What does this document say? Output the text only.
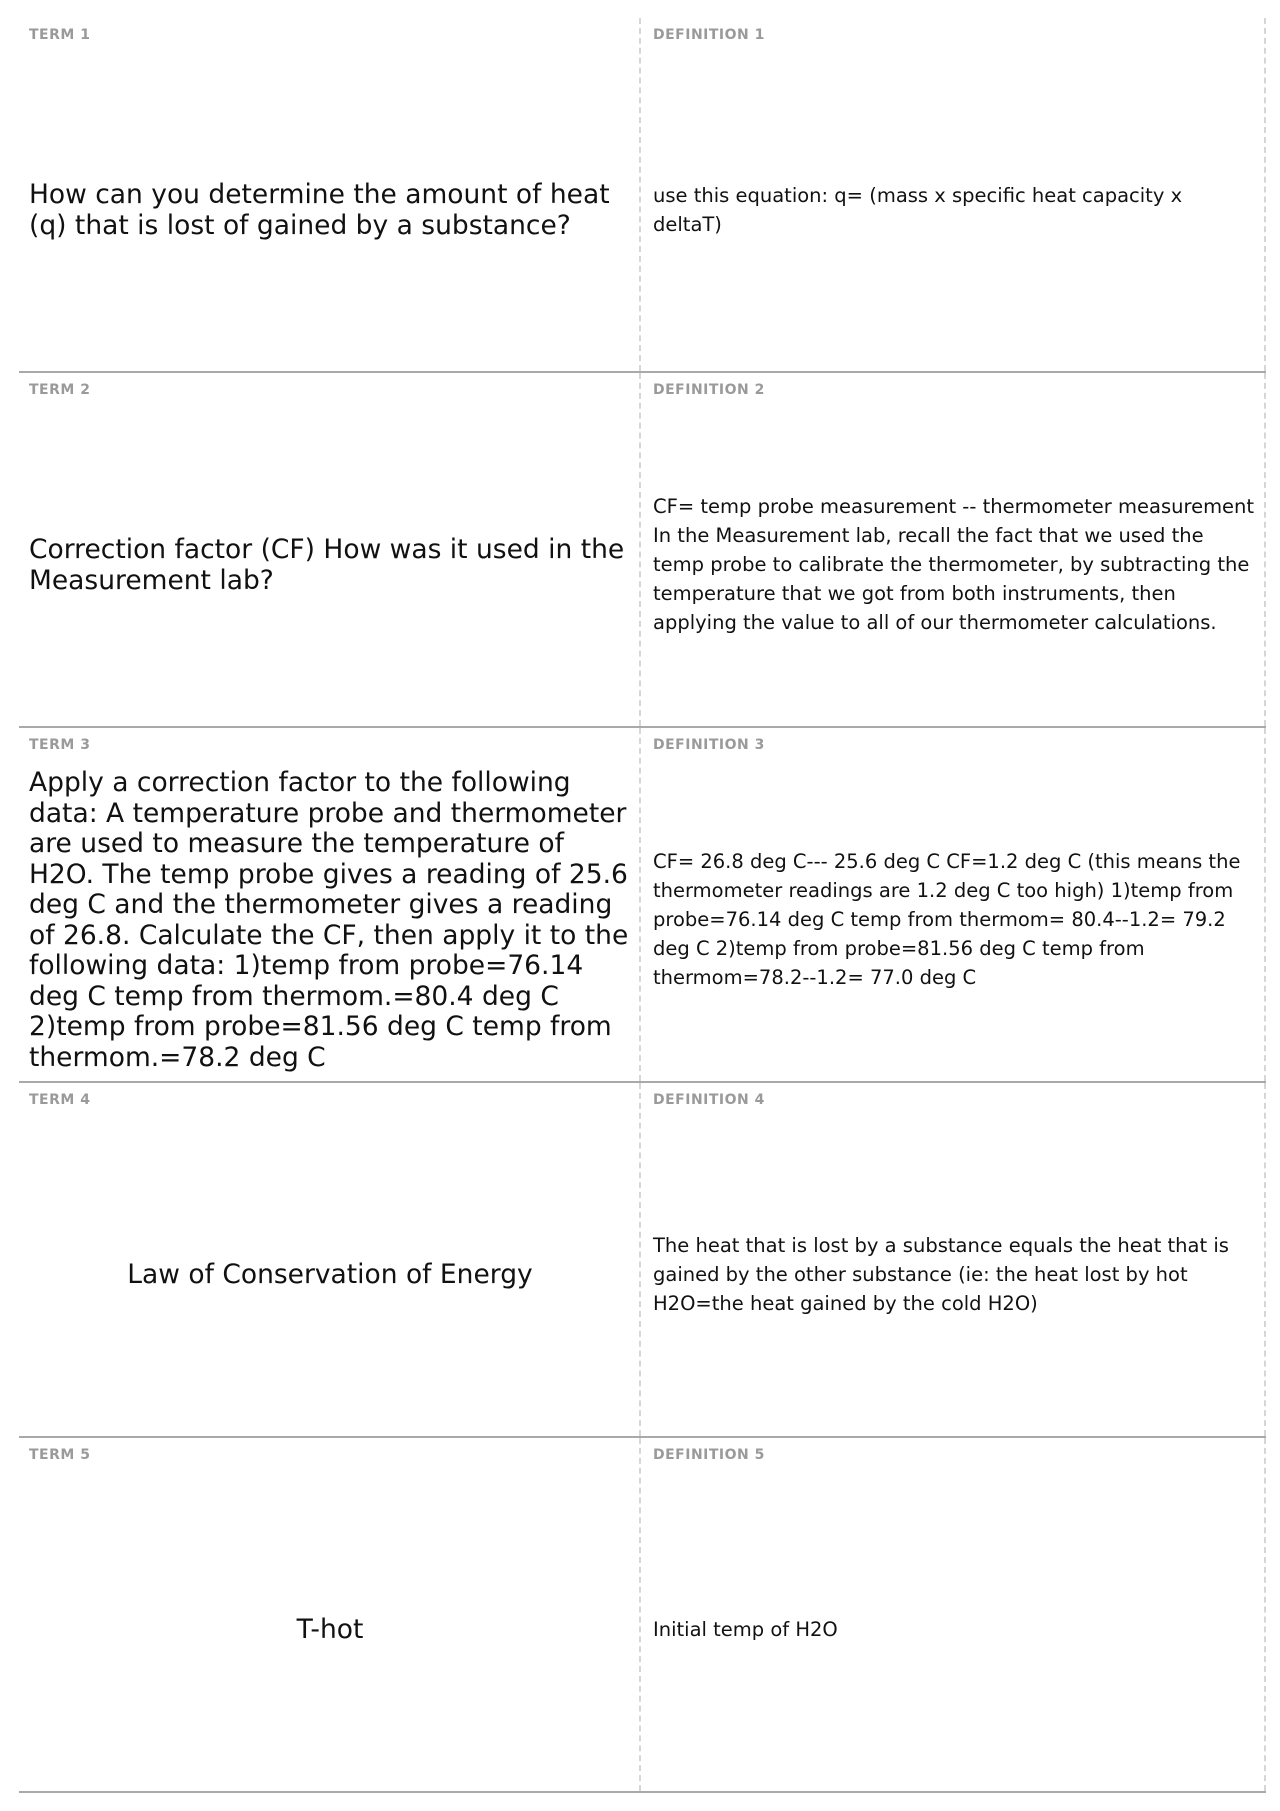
TERM 1
How can you determine the amount of heat (q) that is lost of gained by a substance?
DEFINITION 1
use this equation: q= (mass x specific heat capacity x deltaT)
TERM 2
Correction factor (CF) How was it used in the Measurement lab?
DEFINITION 2
CF= temp probe measurement -- thermometer measurement In the Measurement lab, recall the fact that we used the temp probe to calibrate the thermometer, by subtracting the temperature that we got from both instruments, then applying the value to all of our thermometer calculations.
TERM 3
Apply a correction factor to the following data: A temperature probe and thermometer are used to measure the temperature of H2O. The temp probe gives a reading of 25.6 deg C and the thermometer gives a reading of 26.8. Calculate the CF, then apply it to the following data: 1)temp from probe=76.14 deg C temp from thermom.=80.4 deg C 2)temp from probe=81.56 deg C temp from thermom.=78.2 deg C
DEFINITION 3
CF= 26.8 deg C--- 25.6 deg C CF=1.2 deg C (this means the thermometer readings are 1.2 deg C too high) 1)temp from probe=76.14 deg C temp from thermom= 80.4--1.2= 79.2 deg C 2)temp from probe=81.56 deg C temp from thermom=78.2--1.2= 77.0 deg C
TERM 4
Law of Conservation of Energy
DEFINITION 4
The heat that is lost by a substance equals the heat that is gained by the other substance (ie: the heat lost by hot H2O=the heat gained by the cold H2O)
TERM 5
T-hot
DEFINITION 5
Initial temp of H2O
